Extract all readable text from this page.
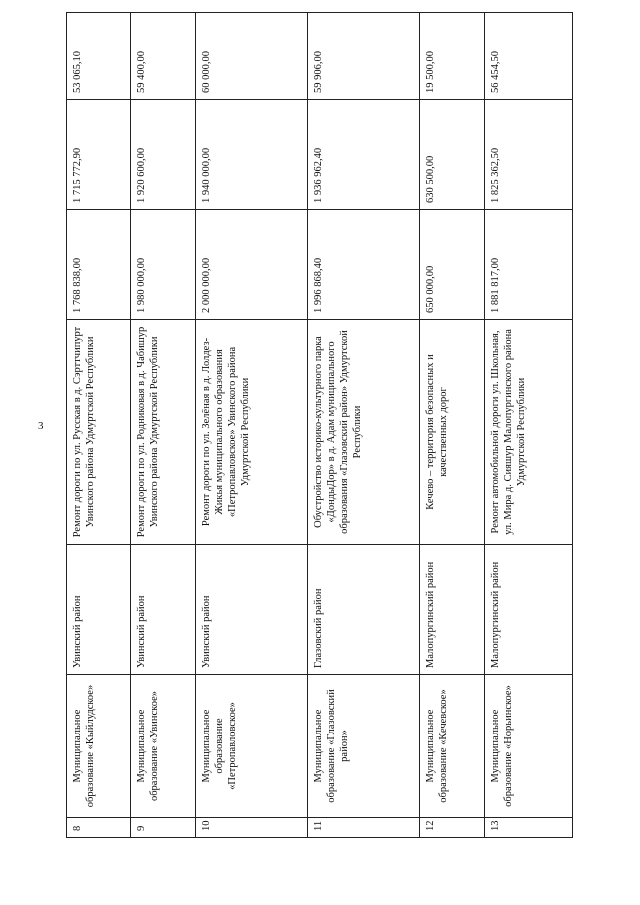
3
8	Муниципальное образование «Кыйлудское»	Увинский район	Ремонт дороги по ул. Русская в д. Сэрттчипурт Увинского района Удмуртской Республики	1 768 838,00	1 715 772,90	53 065,10
9	Муниципальное образование «Увинское»	Увинский район	Ремонт дороги по ул. Родниковая в д. Чабишур Увинского района Удмуртской Республики	1 980 000,00	1 920 600,00	59 400,00
10	Муниципальное образование «Петропавловское»	Увинский район	Ремонт дороги по ул. Зелёная в д. Лолдез-Жикья муниципального образования «Петропавловское» Увинского района Удмуртской Республики	2 000 000,00	1 940 000,00	60 000,00
11	Муниципальное образование «Глазовский район»	Глазовский район	Обустройство историко-культурного парка «ДондыДор» в д. Адам муниципального образования «Глазовский район» Удмуртской Республики	1 996 868,40	1 936 962,40	59 906,00
12	Муниципальное образование «Кечевское»	Малопургинский район	Кечево – территория безопасных и качественных дорог	650 000,00	630 500,00	19 500,00
13	Муниципальное образование «Норьинское»	Малопургинский район	Ремонт автомобильной дороги ул. Школьная, ул. Мира д. Сияшур Малопургинского района Удмуртской Республики	1 881 817,00	1 825 362,50	56 454,50
